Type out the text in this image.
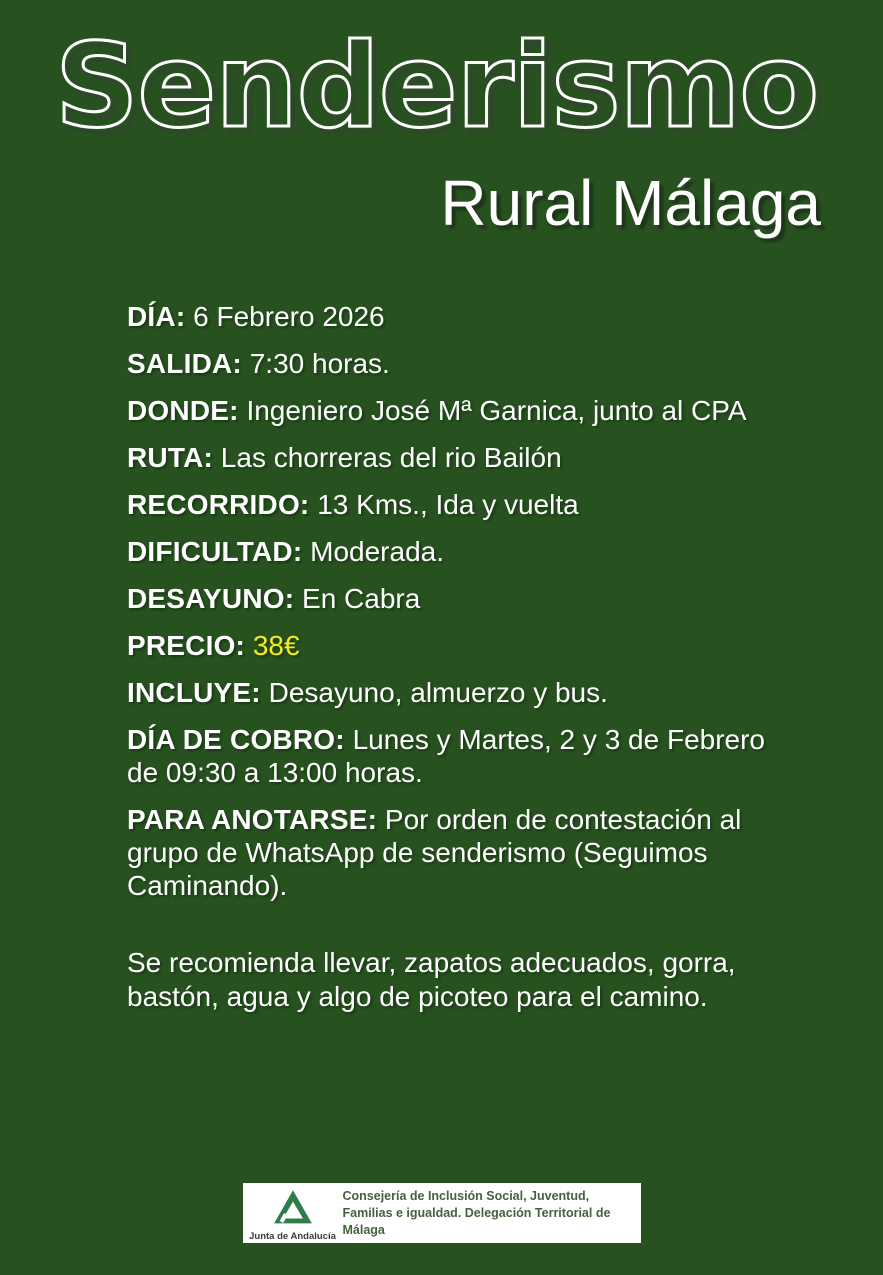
Senderismo
Rural Málaga

DÍA: 6 Febrero 2026

SALIDA: 7:30 horas.

DONDE: Ingeniero José Mª Garnica, junto al CPA

RUTA: Las chorreras del rio Bailón

RECORRIDO: 13 Kms., Ida y vuelta

DIFICULTAD: Moderada.

DESAYUNO: En Cabra

PRECIO: 38€

INCLUYE: Desayuno, almuerzo y bus.

DÍA DE COBRO: Lunes y Martes, 2 y 3 de Febrero de 09:30 a 13:00 horas.

PARA ANOTARSE: Por orden de contestación al grupo de WhatsApp de senderismo (Seguimos Caminando).

Se recomienda llevar, zapatos adecuados, gorra, bastón, agua y algo de picoteo para el camino.

Junta de Andalucía
Consejería de Inclusión Social, Juventud, Familias e igualdad. Delegación Territorial de Málaga
